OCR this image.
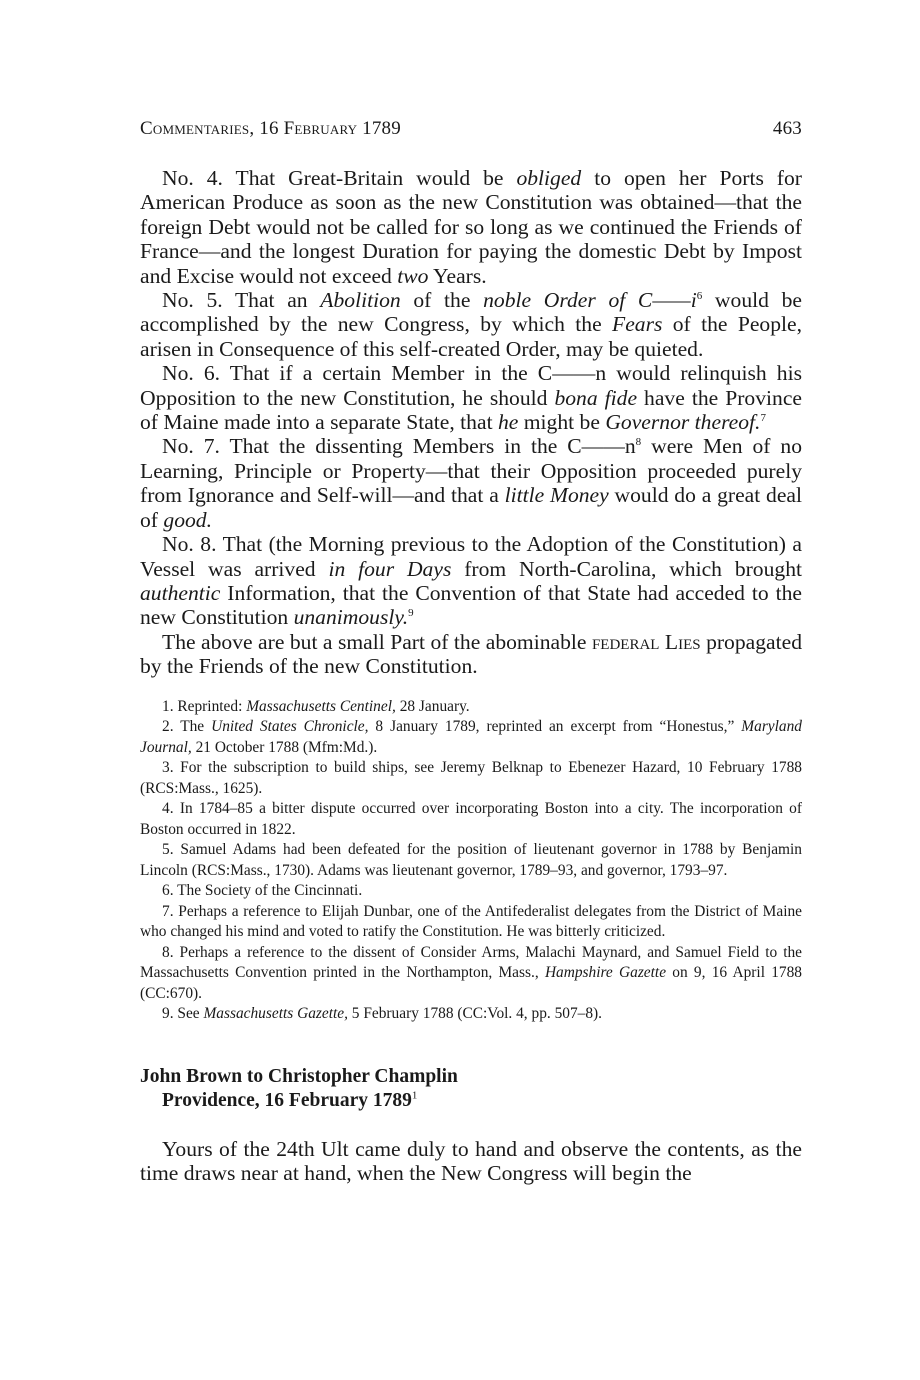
Commentaries, 16 February 1789	463

No. 4. That Great-Britain would be obliged to open her Ports for American Produce as soon as the new Constitution was obtained—that the foreign Debt would not be called for so long as we continued the Friends of France—and the longest Duration for paying the domestic Debt by Impost and Excise would not exceed two Years.

No. 5. That an Abolition of the noble Order of $C——i^6$ would be accomplished by the new Congress, by which the Fears of the People, arisen in Consequence of this self-created Order, may be quieted.

No. 6. That if a certain Member in the C——n would relinquish his Opposition to the new Constitution, he should bona fide have the Province of Maine made into a separate State, that he might be Governor thereof.$^7$

No. 7. That the dissenting Members in the $C——n^8$ were Men of no Learning, Principle or Property—that their Opposition proceeded purely from Ignorance and Self-will—and that a little Money would do a great deal of good.

No. 8. That (the Morning previous to the Adoption of the Constitution) a Vessel was arrived in four Days from North-Carolina, which brought authentic Information, that the Convention of that State had acceded to the new Constitution unanimously.$^9$

The above are but a small Part of the abominable federal Lies propagated by the Friends of the new Constitution.

1. Reprinted: Massachusetts Centinel, 28 January.

2. The United States Chronicle, 8 January 1789, reprinted an excerpt from “Honestus,” Maryland Journal, 21 October 1788 (Mfm:Md.).

3. For the subscription to build ships, see Jeremy Belknap to Ebenezer Hazard, 10 February 1788 (RCS:Mass., 1625).

4. In 1784–85 a bitter dispute occurred over incorporating Boston into a city. The incorporation of Boston occurred in 1822.

5. Samuel Adams had been defeated for the position of lieutenant governor in 1788 by Benjamin Lincoln (RCS:Mass., 1730). Adams was lieutenant governor, 1789–93, and governor, 1793–97.

6. The Society of the Cincinnati.

7. Perhaps a reference to Elijah Dunbar, one of the Antifederalist delegates from the District of Maine who changed his mind and voted to ratify the Constitution. He was bitterly criticized.

8. Perhaps a reference to the dissent of Consider Arms, Malachi Maynard, and Samuel Field to the Massachusetts Convention printed in the Northampton, Mass., Hampshire Gazette on 9, 16 April 1788 (CC:670).

9. See Massachusetts Gazette, 5 February 1788 (CC:Vol. 4, pp. 507–8).

John Brown to Christopher Champlin
Providence, 16 February 1789$^1$

Yours of the 24th Ult came duly to hand and observe the contents, as the time draws near at hand, when the New Congress will begin the
